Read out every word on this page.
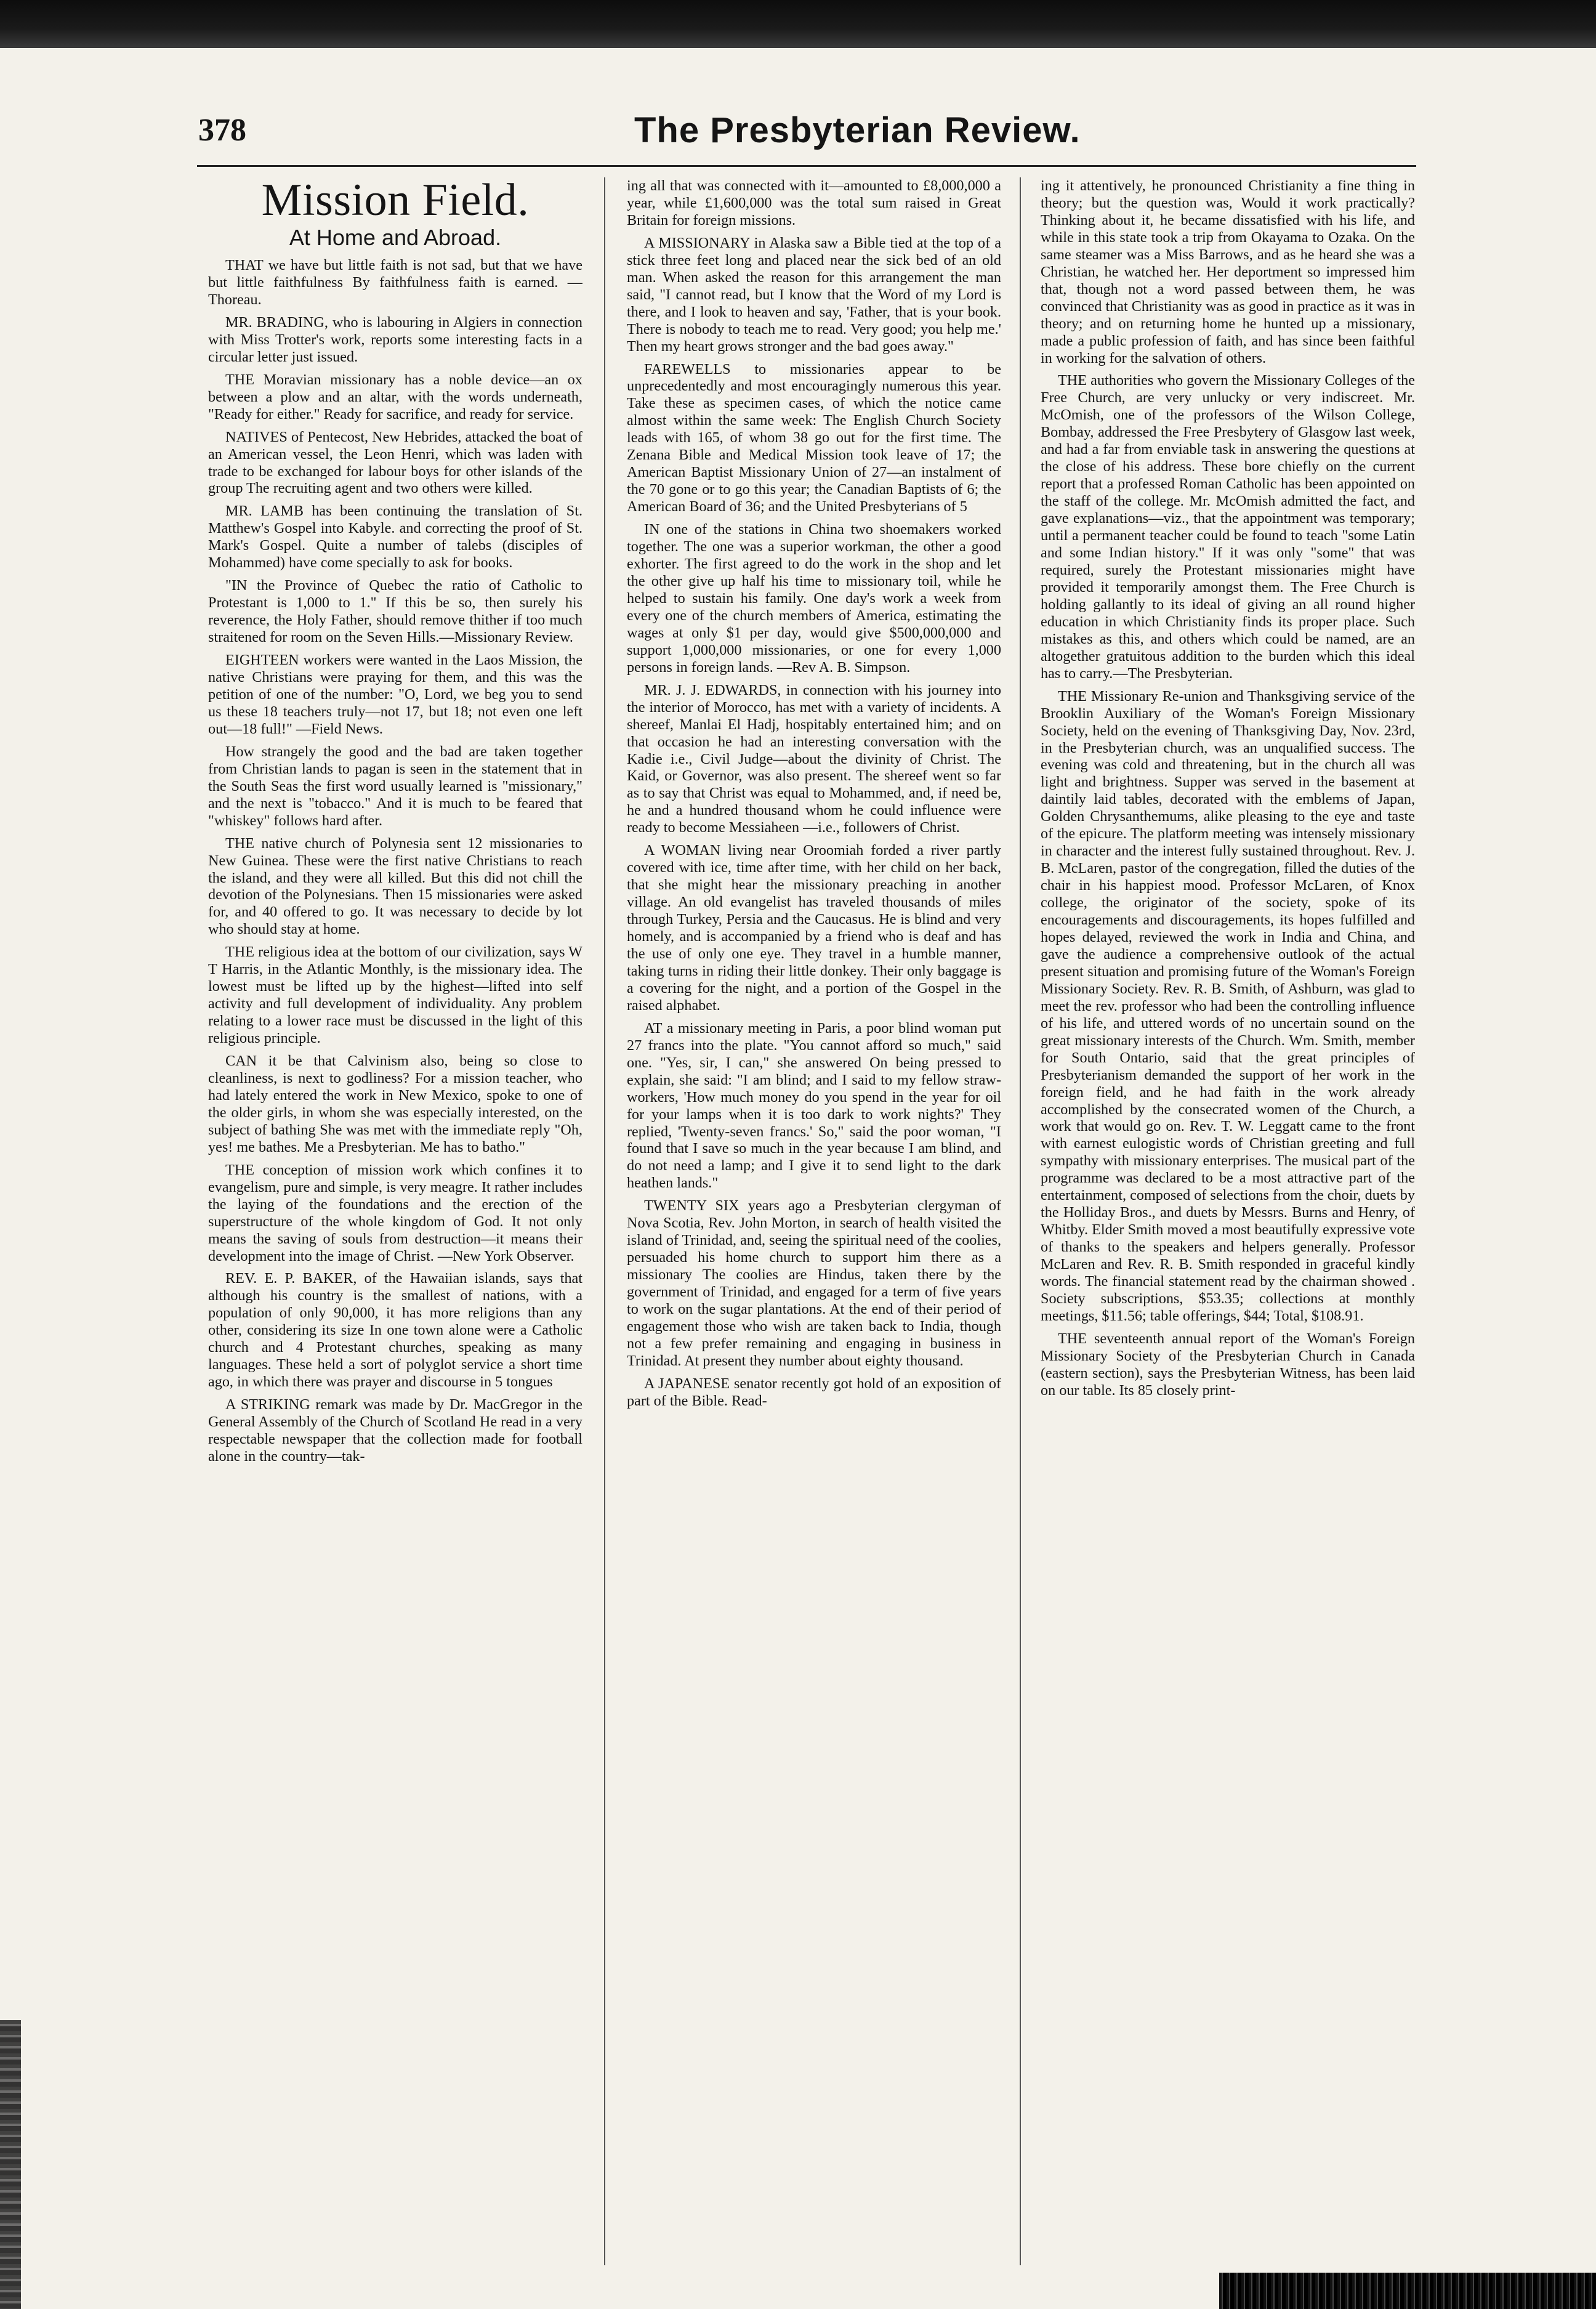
378	The Presbyterian Review.
Mission Field.
At Home and Abroad.

THAT we have but little faith is not sad, but that we have but little faithfulness By faithfulness faith is earned. —Thoreau.

MR. BRADING, who is labouring in Algiers in connection with Miss Trotter's work, reports some interesting facts in a circular letter just issued.

THE Moravian missionary has a noble device—an ox between a plow and an altar, with the words underneath, "Ready for either." Ready for sacrifice, and ready for service.

NATIVES of Pentecost, New Hebrides, attacked the boat of an American vessel, the Leon Henri, which was laden with trade to be exchanged for labour boys for other islands of the group The recruiting agent and two others were killed.

MR. LAMB has been continuing the translation of St. Matthew's Gospel into Kabyle. and correcting the proof of St. Mark's Gospel. Quite a number of talebs (disciples of Mohammed) have come specially to ask for books.

"IN the Province of Quebec the ratio of Catholic to Protestant is 1,000 to 1." If this be so, then surely his reverence, the Holy Father, should remove thither if too much straitened for room on the Seven Hills.—Missionary Review.

EIGHTEEN workers were wanted in the Laos Mission, the native Christians were praying for them, and this was the petition of one of the number: "O, Lord, we beg you to send us these 18 teachers truly—not 17, but 18; not even one left out—18 full!" —Field News.

How strangely the good and the bad are taken together from Christian lands to pagan is seen in the statement that in the South Seas the first word usually learned is "missionary," and the next is "tobacco." And it is much to be feared that "whiskey" follows hard after.

THE native church of Polynesia sent 12 missionaries to New Guinea. These were the first native Christians to reach the island, and they were all killed. But this did not chill the devotion of the Polynesians. Then 15 missionaries were asked for, and 40 offered to go. It was necessary to decide by lot who should stay at home.

THE religious idea at the bottom of our civilization, says W T Harris, in the Atlantic Monthly, is the missionary idea. The lowest must be lifted up by the highest—lifted into self activity and full development of individuality. Any problem relating to a lower race must be discussed in the light of this religious principle.

CAN it be that Calvinism also, being so close to cleanliness, is next to godliness? For a mission teacher, who had lately entered the work in New Mexico, spoke to one of the older girls, in whom she was especially interested, on the subject of bathing She was met with the immediate reply "Oh, yes! me bathes. Me a Presbyterian. Me has to batho."

THE conception of mission work which confines it to evangelism, pure and simple, is very meagre. It rather includes the laying of the foundations and the erection of the superstructure of the whole kingdom of God. It not only means the saving of souls from destruction—it means their development into the image of Christ. —New York Observer.

REV. E. P. BAKER, of the Hawaiian islands, says that although his country is the smallest of nations, with a population of only 90,000, it has more religions than any other, considering its size In one town alone were a Catholic church and 4 Protestant churches, speaking as many languages. These held a sort of polyglot service a short time ago, in which there was prayer and discourse in 5 tongues

A STRIKING remark was made by Dr. MacGregor in the General Assembly of the Church of Scotland He read in a very respectable newspaper that the collection made for football alone in the country—tak-

ing all that was connected with it—amounted to £8,000,000 a year, while £1,600,000 was the total sum raised in Great Britain for foreign missions.

A MISSIONARY in Alaska saw a Bible tied at the top of a stick three feet long and placed near the sick bed of an old man. When asked the reason for this arrangement the man said, "I cannot read, but I know that the Word of my Lord is there, and I look to heaven and say, 'Father, that is your book. There is nobody to teach me to read. Very good; you help me.' Then my heart grows stronger and the bad goes away."

FAREWELLS to missionaries appear to be unprecedentedly and most encouragingly numerous this year. Take these as specimen cases, of which the notice came almost within the same week: The English Church Society leads with 165, of whom 38 go out for the first time. The Zenana Bible and Medical Mission took leave of 17; the American Baptist Missionary Union of 27—an instalment of the 70 gone or to go this year; the Canadian Baptists of 6; the American Board of 36; and the United Presbyterians of 5

IN one of the stations in China two shoemakers worked together. The one was a superior workman, the other a good exhorter. The first agreed to do the work in the shop and let the other give up half his time to missionary toil, while he helped to sustain his family. One day's work a week from every one of the church members of America, estimating the wages at only $1 per day, would give $500,000,000 and support 1,000,000 missionaries, or one for every 1,000 persons in foreign lands. —Rev A. B. Simpson.

MR. J. J. EDWARDS, in connection with his journey into the interior of Morocco, has met with a variety of incidents. A shereef, Manlai El Hadj, hospitably entertained him; and on that occasion he had an interesting conversation with the Kadie i.e., Civil Judge—about the divinity of Christ. The Kaid, or Governor, was also present. The shereef went so far as to say that Christ was equal to Mohammed, and, if need be, he and a hundred thousand whom he could influence were ready to become Messiaheen —i.e., followers of Christ.

A WOMAN living near Oroomiah forded a river partly covered with ice, time after time, with her child on her back, that she might hear the missionary preaching in another village. An old evangelist has traveled thousands of miles through Turkey, Persia and the Caucasus. He is blind and very homely, and is accompanied by a friend who is deaf and has the use of only one eye. They travel in a humble manner, taking turns in riding their little donkey. Their only baggage is a covering for the night, and a portion of the Gospel in the raised alphabet.

AT a missionary meeting in Paris, a poor blind woman put 27 francs into the plate. "You cannot afford so much," said one. "Yes, sir, I can," she answered On being pressed to explain, she said: "I am blind; and I said to my fellow straw-workers, 'How much money do you spend in the year for oil for your lamps when it is too dark to work nights?' They replied, 'Twenty-seven francs.' So," said the poor woman, "I found that I save so much in the year because I am blind, and do not need a lamp; and I give it to send light to the dark heathen lands."

TWENTY SIX years ago a Presbyterian clergyman of Nova Scotia, Rev. John Morton, in search of health visited the island of Trinidad, and, seeing the spiritual need of the coolies, persuaded his home church to support him there as a missionary The coolies are Hindus, taken there by the government of Trinidad, and engaged for a term of five years to work on the sugar plantations. At the end of their period of engagement those who wish are taken back to India, though not a few prefer remaining and engaging in business in Trinidad. At present they number about eighty thousand.

A JAPANESE senator recently got hold of an exposition of part of the Bible. Read-

ing it attentively, he pronounced Christianity a fine thing in theory; but the question was, Would it work practically? Thinking about it, he became dissatisfied with his life, and while in this state took a trip from Okayama to Ozaka. On the same steamer was a Miss Barrows, and as he heard she was a Christian, he watched her. Her deportment so impressed him that, though not a word passed between them, he was convinced that Christianity was as good in practice as it was in theory; and on returning home he hunted up a missionary, made a public profession of faith, and has since been faithful in working for the salvation of others.

THE authorities who govern the Missionary Colleges of the Free Church, are very unlucky or very indiscreet. Mr. McOmish, one of the professors of the Wilson College, Bombay, addressed the Free Presbytery of Glasgow last week, and had a far from enviable task in answering the questions at the close of his address. These bore chiefly on the current report that a professed Roman Catholic has been appointed on the staff of the college. Mr. McOmish admitted the fact, and gave explanations—viz., that the appointment was temporary; until a permanent teacher could be found to teach "some Latin and some Indian history." If it was only "some" that was required, surely the Protestant missionaries might have provided it temporarily amongst them. The Free Church is holding gallantly to its ideal of giving an all round higher education in which Christianity finds its proper place. Such mistakes as this, and others which could be named, are an altogether gratuitous addition to the burden which this ideal has to carry.—The Presbyterian.

THE Missionary Re-union and Thanksgiving service of the Brooklin Auxiliary of the Woman's Foreign Missionary Society, held on the evening of Thanksgiving Day, Nov. 23rd, in the Presbyterian church, was an unqualified success. The evening was cold and threatening, but in the church all was light and brightness. Supper was served in the basement at daintily laid tables, decorated with the emblems of Japan, Golden Chrysanthemums, alike pleasing to the eye and taste of the epicure. The platform meeting was intensely missionary in character and the interest fully sustained throughout. Rev. J. B. McLaren, pastor of the congregation, filled the duties of the chair in his happiest mood. Professor McLaren, of Knox college, the originator of the society, spoke of its encouragements and discouragements, its hopes fulfilled and hopes delayed, reviewed the work in India and China, and gave the audience a comprehensive outlook of the actual present situation and promising future of the Woman's Foreign Missionary Society. Rev. R. B. Smith, of Ashburn, was glad to meet the rev. professor who had been the controlling influence of his life, and uttered words of no uncertain sound on the great missionary interests of the Church. Wm. Smith, member for South Ontario, said that the great principles of Presbyterianism demanded the support of her work in the foreign field, and he had faith in the work already accomplished by the consecrated women of the Church, a work that would go on. Rev. T. W. Leggatt came to the front with earnest eulogistic words of Christian greeting and full sympathy with missionary enterprises. The musical part of the programme was declared to be a most attractive part of the entertainment, composed of selections from the choir, duets by the Holliday Bros., and duets by Messrs. Burns and Henry, of Whitby. Elder Smith moved a most beautifully expressive vote of thanks to the speakers and helpers generally. Professor McLaren and Rev. R. B. Smith responded in graceful kindly words. The financial statement read by the chairman showed . Society subscriptions, $53.35; collections at monthly meetings, $11.56; table offerings, $44; Total, $108.91.

THE seventeenth annual report of the Woman's Foreign Missionary Society of the Presbyterian Church in Canada (eastern section), says the Presbyterian Witness, has been laid on our table. Its 85 closely print-
